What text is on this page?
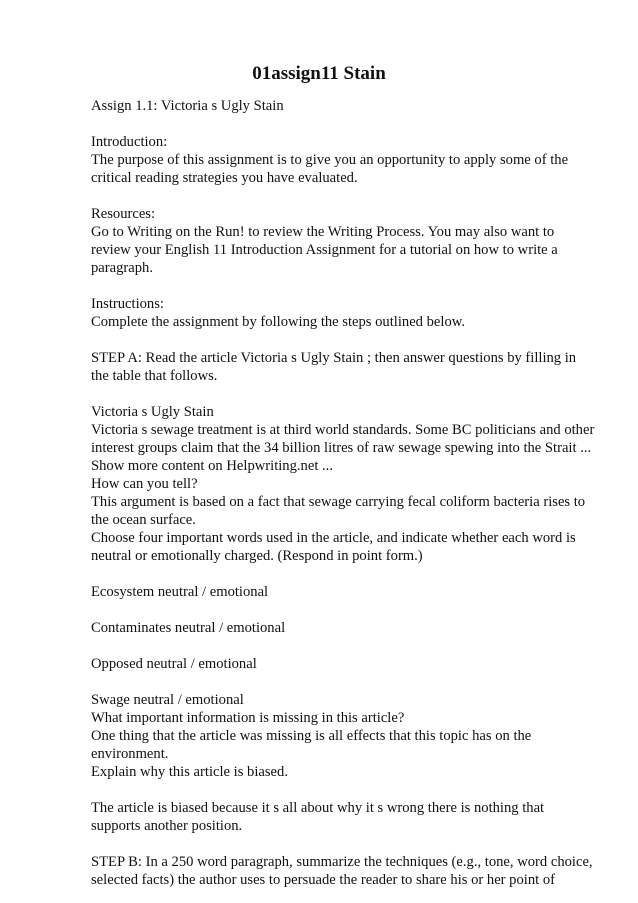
01assign11 Stain

Assign 1.1: Victoria s Ugly Stain

Introduction:

The purpose of this assignment is to give you an opportunity to apply some of the critical reading strategies you have evaluated.

Resources:

Go to Writing on the Run! to review the Writing Process. You may also want to review your English 11 Introduction Assignment for a tutorial on how to write a paragraph.

Instructions:

Complete the assignment by following the steps outlined below.

STEP A: Read the article Victoria s Ugly Stain ; then answer questions by filling in the table that follows.

Victoria s Ugly Stain

Victoria s sewage treatment is at third world standards. Some BC politicians and other interest groups claim that the 34 billion litres of raw sewage spewing into the Strait ... Show more content on Helpwriting.net ...

How can you tell?

This argument is based on a fact that sewage carrying fecal coliform bacteria rises to the ocean surface.

Choose four important words used in the article, and indicate whether each word is neutral or emotionally charged. (Respond in point form.)

Ecosystem neutral / emotional

Contaminates neutral / emotional

Opposed neutral / emotional

Swage neutral / emotional

What important information is missing in this article?

One thing that the article was missing is all effects that this topic has on the environment.

Explain why this article is biased.

The article is biased because it s all about why it s wrong there is nothing that supports another position.

STEP B: In a 250 word paragraph, summarize the techniques (e.g., tone, word choice, selected facts) the author uses to persuade the reader to share his or her point of
